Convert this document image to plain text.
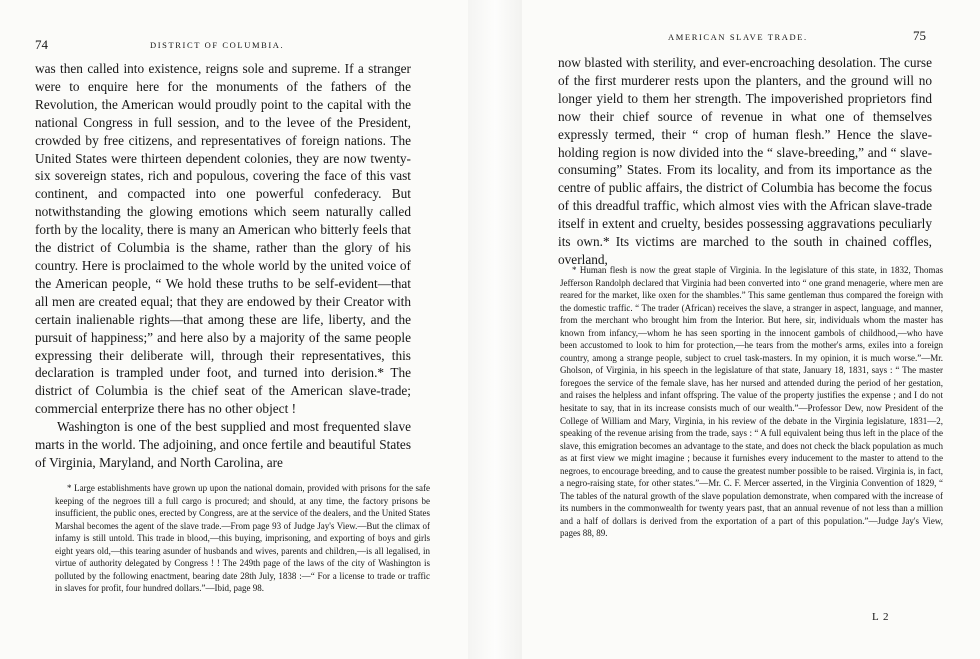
74	DISTRICT OF COLUMBIA.

was then called into existence, reigns sole and supreme. If a stranger were to enquire here for the monuments of the fathers of the Revolution, the American would proudly point to the capital with the national Congress in full session, and to the levee of the President, crowded by free citizens, and representatives of foreign nations. The United States were thirteen dependent colonies, they are now twenty-six sovereign states, rich and populous, covering the face of this vast continent, and compacted into one powerful confederacy. But notwithstanding the glowing emotions which seem naturally called forth by the locality, there is many an American who bitterly feels that the district of Columbia is the shame, rather than the glory of his country. Here is proclaimed to the whole world by the united voice of the American people, “ We hold these truths to be self-evident—that all men are created equal; that they are endowed by their Creator with certain inalienable rights—that among these are life, liberty, and the pursuit of happiness;” and here also by a majority of the same people expressing their deliberate will, through their representatives, this declaration is trampled under foot, and turned into derision.* The district of Columbia is the chief seat of the American slave-trade; commercial enterprize there has no other object !

Washington is one of the best supplied and most frequented slave marts in the world. The adjoining, and once fertile and beautiful States of Virginia, Maryland, and North Carolina, are

* Large establishments have grown up upon the national domain, provided with prisons for the safe keeping of the negroes till a full cargo is procured; and should, at any time, the factory prisons be insufficient, the public ones, erected by Congress, are at the service of the dealers, and the United States Marshal becomes the agent of the slave trade.—From page 93 of Judge Jay's View.—But the climax of infamy is still untold. This trade in blood,—this buying, imprisoning, and exporting of boys and girls eight years old,—this tearing asunder of husbands and wives, parents and children,—is all legalised, in virtue of authority delegated by Congress ! ! The 249th page of the laws of the city of Washington is polluted by the following enactment, bearing date 28th July, 1838 :—“ For a license to trade or traffic in slaves for profit, four hundred dollars.”—Ibid, page 98.

AMERICAN SLAVE TRADE.	75

now blasted with sterility, and ever-encroaching desolation. The curse of the first murderer rests upon the planters, and the ground will no longer yield to them her strength. The impoverished proprietors find now their chief source of revenue in what one of themselves expressly termed, their “ crop of human flesh.” Hence the slave-holding region is now divided into the “ slave-breeding,” and “ slave-consuming” States. From its locality, and from its importance as the centre of public affairs, the district of Columbia has become the focus of this dreadful traffic, which almost vies with the African slave-trade itself in extent and cruelty, besides possessing aggravations peculiarly its own.* Its victims are marched to the south in chained coffles, overland,

* Human flesh is now the great staple of Virginia. In the legislature of this state, in 1832, Thomas Jefferson Randolph declared that Virginia had been converted into “ one grand menagerie, where men are reared for the market, like oxen for the shambles.” This same gentleman thus compared the foreign with the domestic traffic. “ The trader (African) receives the slave, a stranger in aspect, language, and manner, from the merchant who brought him from the Interior. But here, sir, individuals whom the master has known from infancy,—whom he has seen sporting in the innocent gambols of childhood,—who have been accustomed to look to him for protection,—he tears from the mother's arms, exiles into a foreign country, among a strange people, subject to cruel task-masters. In my opinion, it is much worse.”—Mr. Gholson, of Virginia, in his speech in the legislature of that state, January 18, 1831, says : “ The master foregoes the service of the female slave, has her nursed and attended during the period of her gestation, and raises the helpless and infant offspring. The value of the property justifies the expense ; and I do not hesitate to say, that in its increase consists much of our wealth.”—Professor Dew, now President of the College of William and Mary, Virginia, in his review of the debate in the Virginia legislature, 1831—2, speaking of the revenue arising from the trade, says : “ A full equivalent being thus left in the place of the slave, this emigration becomes an advantage to the state, and does not check the black population as much as at first view we might imagine ; because it furnishes every inducement to the master to attend to the negroes, to encourage breeding, and to cause the greatest number possible to be raised. Virginia is, in fact, a negro-raising state, for other states.”—Mr. C. F. Mercer asserted, in the Virginia Convention of 1829, “ The tables of the natural growth of the slave population demonstrate, when compared with the increase of its numbers in the commonwealth for twenty years past, that an annual revenue of not less than a million and a half of dollars is derived from the exportation of a part of this population.”—Judge Jay's View, pages 88, 89.

L 2
